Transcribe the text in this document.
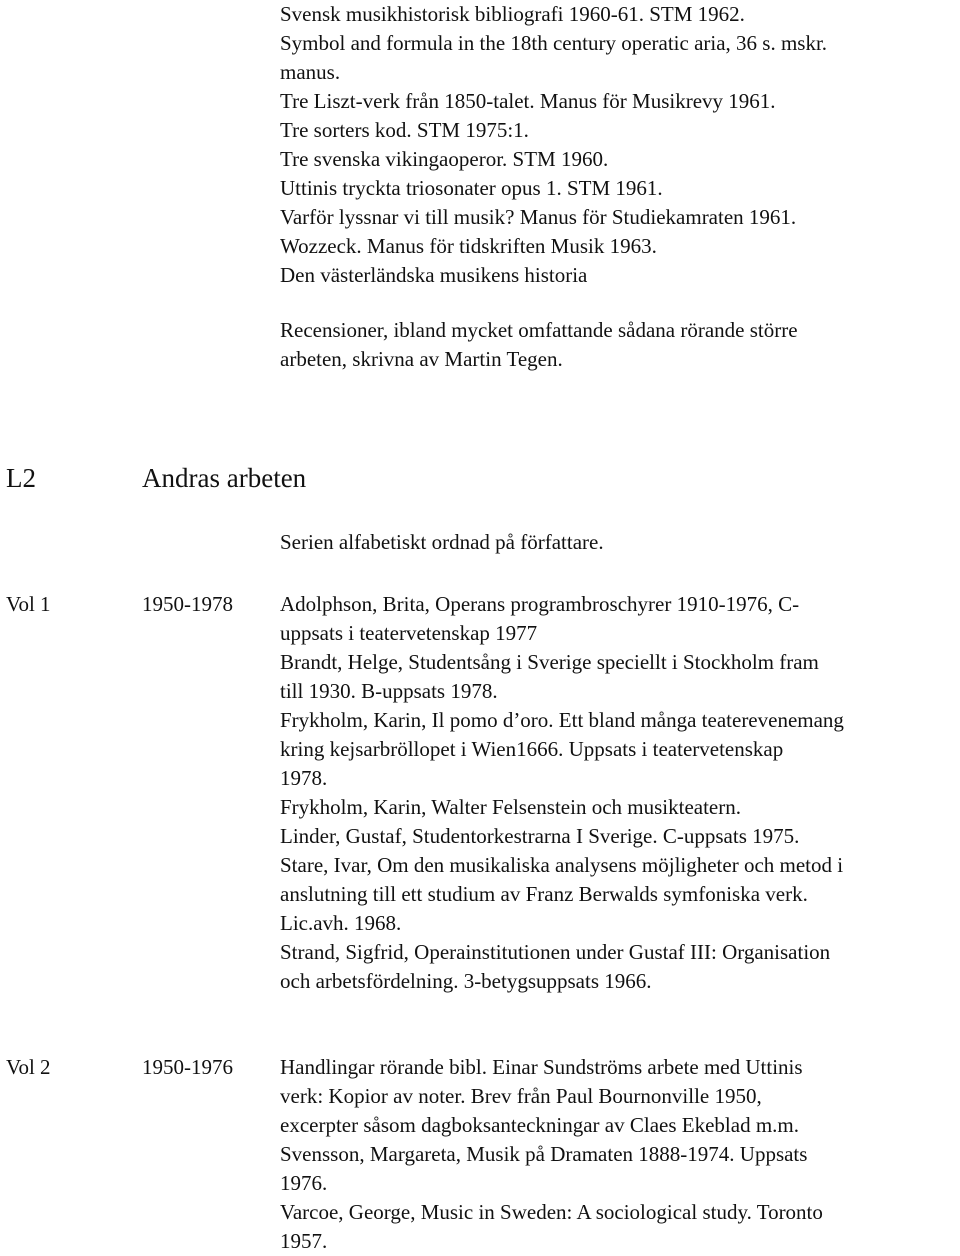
Svensk musikhistorisk bibliografi 1960-61. STM 1962.
Symbol and formula in the 18th century operatic aria, 36 s. mskr.
manus.
Tre Liszt-verk från 1850-talet. Manus för Musikrevy 1961.
Tre sorters kod. STM 1975:1.
Tre svenska vikingaoperor. STM 1960.
Uttinis tryckta triosonater opus 1. STM 1961.
Varför lyssnar vi till musik? Manus för Studiekamraten 1961.
Wozzeck. Manus för tidskriften Musik 1963.
Den västerländska musikens historia
Recensioner, ibland mycket omfattande sådana rörande större
arbeten, skrivna av Martin Tegen.
L2	Andras arbeten
Serien alfabetiskt ordnad på författare.
Vol 1	1950-1978 Adolphson, Brita, Operans programbroschyrer 1910-1976, C-
uppsats i teatervetenskap 1977
Brandt, Helge, Studentsång i Sverige speciellt i Stockholm fram
till 1930. B-uppsats 1978.
Frykholm, Karin, Il pomo d’oro. Ett bland många teaterevenemang
kring kejsarbröllopet i Wien1666. Uppsats i teatervetenskap
1978.
Frykholm, Karin, Walter Felsenstein och musikteatern.
Linder, Gustaf, Studentorkestrarna I Sverige. C-uppsats 1975.
Stare, Ivar, Om den musikaliska analysens möjligheter och metod i
anslutning till ett studium av Franz Berwalds symfoniska verk.
Lic.avh. 1968.
Strand, Sigfrid, Operainstitutionen under Gustaf III: Organisation
och arbetsfördelning. 3-betygsuppsats 1966.
Vol 2	1950-1976 Handlingar rörande bibl. Einar Sundströms arbete med Uttinis
verk: Kopior av noter. Brev från Paul Bournonville 1950,
excerpter såsom dagboksanteckningar av Claes Ekeblad m.m.
Svensson, Margareta, Musik på Dramaten 1888-1974. Uppsats
1976.
Varcoe, George, Music in Sweden: A sociological study. Toronto
1957.
